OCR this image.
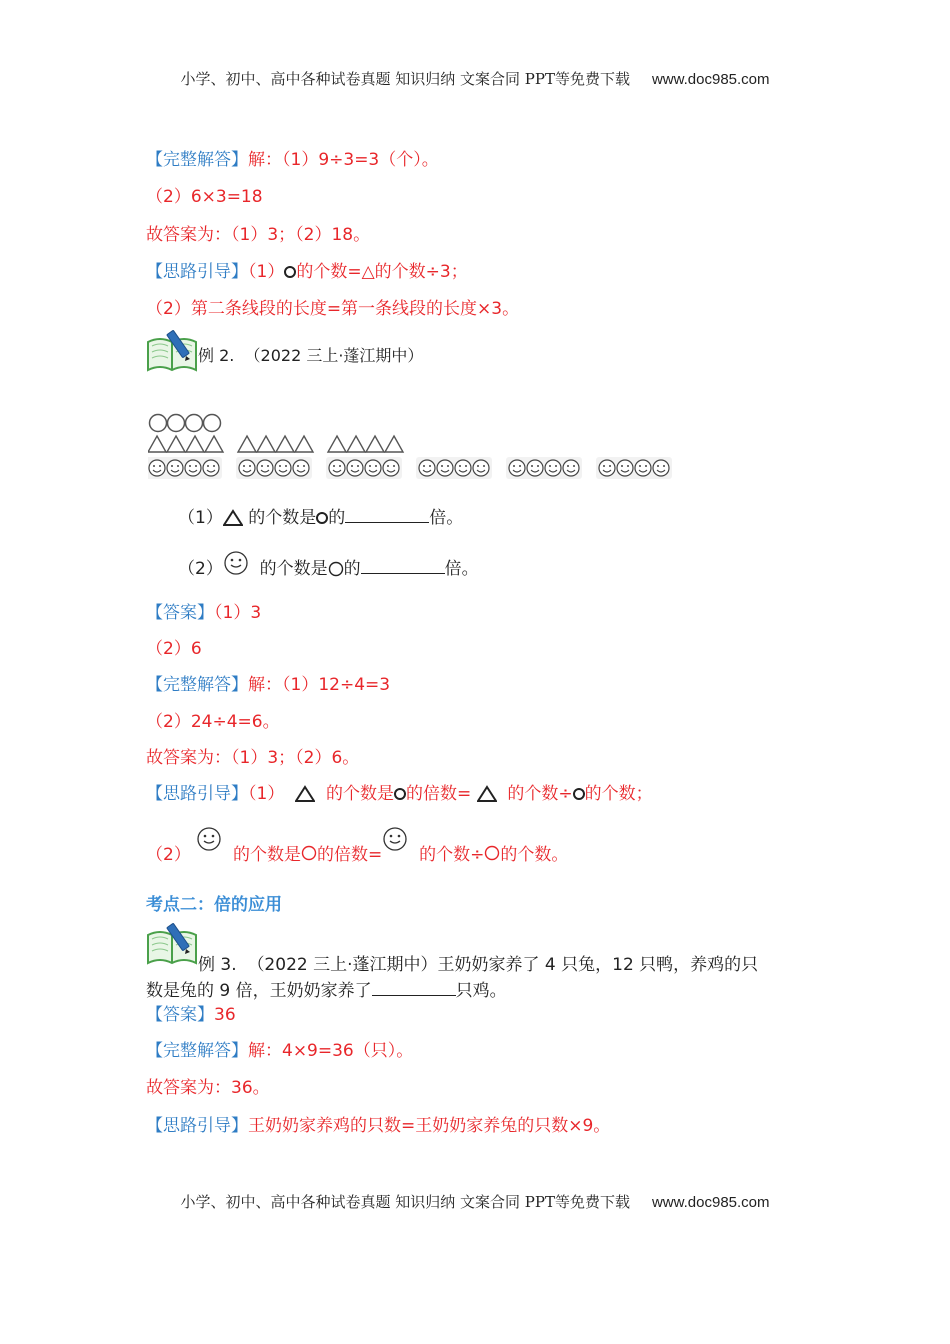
小学、初中、高中各种试卷真题 知识归纳 文案合同 PPT等免费下载 www.doc985.com
【完整解答】解：（1）9÷3=3（个）。
（2）6×3=18
故答案为：（1）3；（2）18。
【思路引导】（1） 的个数=△的个数÷3；
（2）第二条线段的长度=第一条线段的长度×3。
例 2. （2022 三上·蓬江期中）
（1） 的个数是 的	倍。
（2） 的个数是 的	倍。
【答案】（1）3
（2）6
【完整解答】解：（1）12÷4=3
（2）24÷4=6。
故答案为：（1）3；（2）6。
【思路引导】（1） 的个数是 的倍数= 的个数÷ 的个数；
（2） 的个数是 的倍数= 的个数÷ 的个数。
考点二：倍的应用
例 3. （2022 三上·蓬江期中）王奶奶家养了 4 只兔，12 只鸭，养鸡的只
数是兔的 9 倍，王奶奶家养了	只鸡。
【答案】36
【完整解答】解：4×9=36（只）。
故答案为：36。
【思路引导】王奶奶家养鸡的只数=王奶奶家养兔的只数×9。
小学、初中、高中各种试卷真题 知识归纳 文案合同 PPT等免费下载 www.doc985.com
